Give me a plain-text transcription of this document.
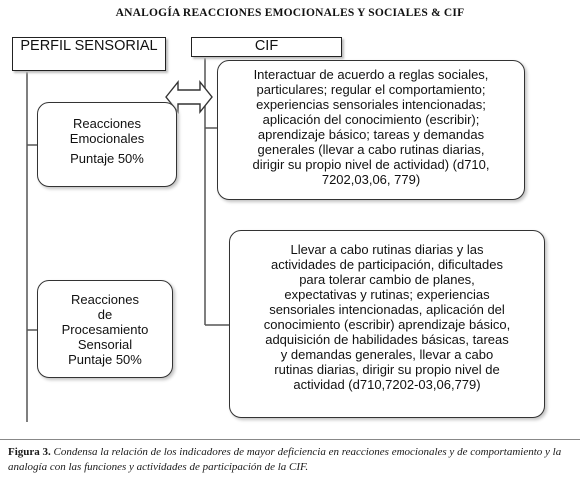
ANALOGÍA REACCIONES EMOCIONALES Y SOCIALES & CIF
PERFIL SENSORIAL	CIF
Reacciones
Emocionales
Puntaje 50%
Reacciones
de
Procesamiento
Sensorial
Puntaje 50%
Interactuar de acuerdo a reglas sociales,
particulares; regular el comportamiento;
experiencias sensoriales intencionadas;
aplicación del conocimiento (escribir);
aprendizaje básico; tareas y demandas
generales (llevar a cabo rutinas diarias,
dirigir su propio nivel de actividad) (d710,
7202,03,06, 779)
Llevar a cabo rutinas diarias y las
actividades de participación, dificultades
para tolerar cambio de planes,
expectativas y rutinas; experiencias
sensoriales intencionadas, aplicación del
conocimiento (escribir) aprendizaje básico,
adquisición de habilidades básicas, tareas
y demandas generales, llevar a cabo
rutinas diarias, dirigir su propio nivel de
actividad (d710,7202-03,06,779)
Figura 3. Condensa la relación de los indicadores de mayor deficiencia en reacciones emocionales y de comportamiento y la analogía con las funciones y actividades de participación de la CIF.
